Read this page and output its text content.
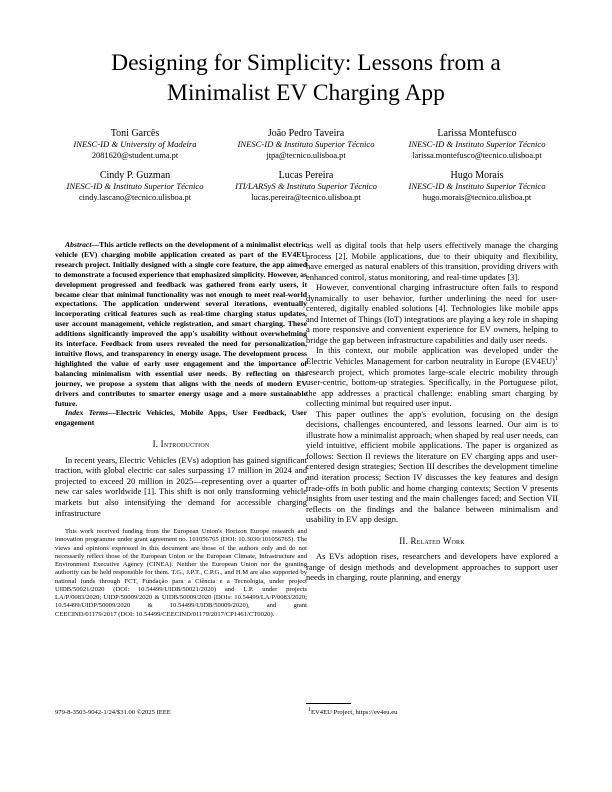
Designing for Simplicity: Lessons from a
Minimalist EV Charging App
Toni Garcês
INESC-ID & University of Madeira
2081620@student.uma.pt
João Pedro Taveira
INESC-ID & Instituto Superior Técnico
jtpa@tecnico.ulisboa.pt
Larissa Montefusco
INESC-ID & Instituto Superior Técnico
larissa.montefusco@tecnico.ulisboa.pt
Cindy P. Guzman
INESC-ID & Instituto Superior Técnico
cindy.lascano@tecnico.ulisboa.pt
Lucas Pereira
ITI/LARSyS & Instituto Superior Técnico
lucas.pereira@tecnico.ulisboa.pt
Hugo Morais
INESC-ID & Instituto Superior Técnico
hugo.morais@tecnico.ulisboa.pt

Abstract—This article reflects on the development of a minimalist electric vehicle (EV) charging mobile application created as part of the EV4EU research project. Initially designed with a single core feature, the app aimed to demonstrate a focused experience that emphasized simplicity. However, as development progressed and feedback was gathered from early users, it became clear that minimal functionality was not enough to meet real-world expectations. The application underwent several iterations, eventually incorporating critical features such as real-time charging status updates, user account management, vehicle registration, and smart charging. These additions significantly improved the app's usability without overwhelming its interface. Feedback from users revealed the need for personalization, intuitive flows, and transparency in energy usage. The development process highlighted the value of early user engagement and the importance of balancing minimalism with essential user needs. By reflecting on this journey, we propose a system that aligns with the needs of modern EV drivers and contributes to smarter energy usage and a more sustainable future.

Index Terms—Electric Vehicles, Mobile Apps, User Feedback, User engagement

I. Introduction

In recent years, Electric Vehicles (EVs) adoption has gained significant traction, with global electric car sales surpassing 17 million in 2024 and projected to exceed 20 million in 2025—representing over a quarter of new car sales worldwide [1]. This shift is not only transforming vehicle markets but also intensifying the demand for accessible charging infrastructure

This work received funding from the European Union's Horizon Europe research and innovation programme under grant agreement no. 101056765 (DOI: 10.3030/101056765). The views and opinions expressed in this document are those of the authors only and do not necessarily reflect those of the European Union or the European Climate, Infrastructure and Environment Executive Agency (CINEA). Neither the European Union nor the granting authority can be held responsible for them. T.G., J.P.T., C.P.G., and H.M are also supported by national funds through FCT, Fundação para a Ciência e a Tecnologia, under project UIDB/50021/2020 (DOI: 10.54499/UIDB/50021/2020) and L.P. under projects LA/P/0083/2020; UIDP/50009/2020 & UIDB/50009/2020 (DOIs: 10.54499/LA/P/0083/2020; 10.54499/UIDP/50009/2020 & 10.54499/UIDB/50009/2020), and grant CEECIND/01179/2017 (DOI: 10.54499/CEECIND/01179/2017/CP1461/CT0020).

979-8-3503-9042-1/24/$31.00 ©2025 IEEE

as well as digital tools that help users effectively manage the charging process [2]. Mobile applications, due to their ubiquity and flexibility, have emerged as natural enablers of this transition, providing drivers with enhanced control, status monitoring, and real-time updates [3].

However, conventional charging infrastructure often fails to respond dynamically to user behavior, further underlining the need for user-centered, digitally enabled solutions [4]. Technologies like mobile apps and Internet of Things (IoT) integrations are playing a key role in shaping a more responsive and convenient experience for EV owners, helping to bridge the gap between infrastructure capabilities and daily user needs.

In this context, our mobile application was developed under the Electric Vehicles Management for carbon neutrality in Europe $(EV4EU)^1$ research project, which promotes large-scale electric mobility through user-centric, bottom-up strategies. Specifically, in the Portuguese pilot, the app addresses a practical challenge: enabling smart charging by collecting minimal but required user input.

This paper outlines the app's evolution, focusing on the design decisions, challenges encountered, and lessons learned. Our aim is to illustrate how a minimalist approach, when shaped by real user needs, can yield intuitive, efficient mobile applications. The paper is organized as follows: Section II reviews the literature on EV charging apps and user-centered design strategies; Section III describes the development timeline and iteration process; Section IV discusses the key features and design trade-offs in both public and home charging contexts; Section V presents insights from user testing and the main challenges faced; and Section VII reflects on the findings and the balance between minimalism and usability in EV app design.

II. Related Work

As EVs adoption rises, researchers and developers have explored a range of design methods and development approaches to support user needs in charging, route planning, and energy

$^1$EV4EU Project, https://ev4eu.eu
